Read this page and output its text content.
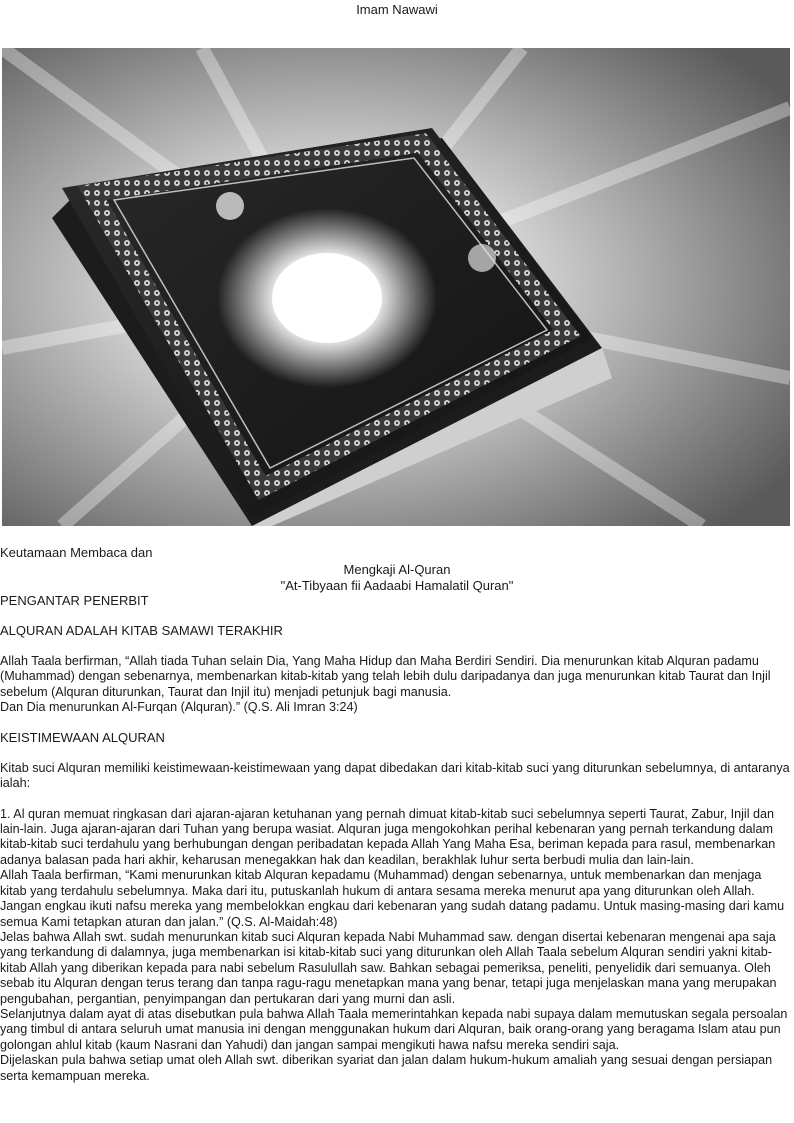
Imam Nawawi
Keutamaan Membaca dan
Mengkaji Al-Quran
"At-Tibyaan fii Aadaabi Hamalatil Quran"

PENGANTAR PENERBIT

ALQURAN ADALAH KITAB SAMAWI TERAKHIR

Allah Taala berfirman, “Allah tiada Tuhan selain Dia, Yang Maha Hidup dan Maha Berdiri Sendiri. Dia menurunkan kitab Alquran padamu (Muhammad) dengan sebenarnya, membenarkan kitab-kitab yang telah lebih dulu daripadanya dan juga menurunkan kitab Taurat dan Injil sebelum (Alquran diturunkan, Taurat dan Injil itu) menjadi petunjuk bagi manusia.

Dan Dia menurunkan Al-Furqan (Alquran).” (Q.S. Ali Imran 3:24)

KEISTIMEWAAN ALQURAN

Kitab suci Alquran memiliki keistimewaan-keistimewaan yang dapat dibedakan dari kitab-kitab suci yang diturunkan sebelumnya, di antaranya ialah:

1. Al quran memuat ringkasan dari ajaran-ajaran ketuhanan yang pernah dimuat kitab-kitab suci sebelumnya seperti Taurat, Zabur, Injil dan lain-lain. Juga ajaran-ajaran dari Tuhan yang berupa wasiat. Alquran juga mengokohkan perihal kebenaran yang pernah terkandung dalam kitab-kitab suci terdahulu yang berhubungan dengan peribadatan kepada Allah Yang Maha Esa, beriman kepada para rasul, membenarkan adanya balasan pada hari akhir, keharusan menegakkan hak dan keadilan, berakhlak luhur serta berbudi mulia dan lain-lain.

Allah Taala berfirman, “Kami menurunkan kitab Alquran kepadamu (Muhammad) dengan sebenarnya, untuk membenarkan dan menjaga kitab yang terdahulu sebelumnya. Maka dari itu, putuskanlah hukum di antara sesama mereka menurut apa yang diturunkan oleh Allah. Jangan engkau ikuti nafsu mereka yang membelokkan engkau dari kebenaran yang sudah datang padamu. Untuk masing-masing dari kamu semua Kami tetapkan aturan dan jalan.” (Q.S. Al-Maidah:48)

Jelas bahwa Allah swt. sudah menurunkan kitab suci Alquran kepada Nabi Muhammad saw. dengan disertai kebenaran mengenai apa saja yang terkandung di dalamnya, juga membenarkan isi kitab-kitab suci yang diturunkan oleh Allah Taala sebelum Alquran sendiri yakni kitab-kitab Allah yang diberikan kepada para nabi sebelum Rasulullah saw. Bahkan sebagai pemeriksa, peneliti, penyelidik dari semuanya. Oleh sebab itu Alquran dengan terus terang dan tanpa ragu-ragu menetapkan mana yang benar, tetapi juga menjelaskan mana yang merupakan pengubahan, pergantian, penyimpangan dan pertukaran dari yang murni dan asli.

Selanjutnya dalam ayat di atas disebutkan pula bahwa Allah Taala memerintahkan kepada nabi supaya dalam memutuskan segala persoalan yang timbul di antara seluruh umat manusia ini dengan menggunakan hukum dari Alquran, baik orang-orang yang beragama Islam atau pun golongan ahlul kitab (kaum Nasrani dan Yahudi) dan jangan sampai mengikuti hawa nafsu mereka sendiri saja.

Dijelaskan pula bahwa setiap umat oleh Allah swt. diberikan syariat dan jalan dalam hukum-hukum amaliah yang sesuai dengan persiapan serta kemampuan mereka.
